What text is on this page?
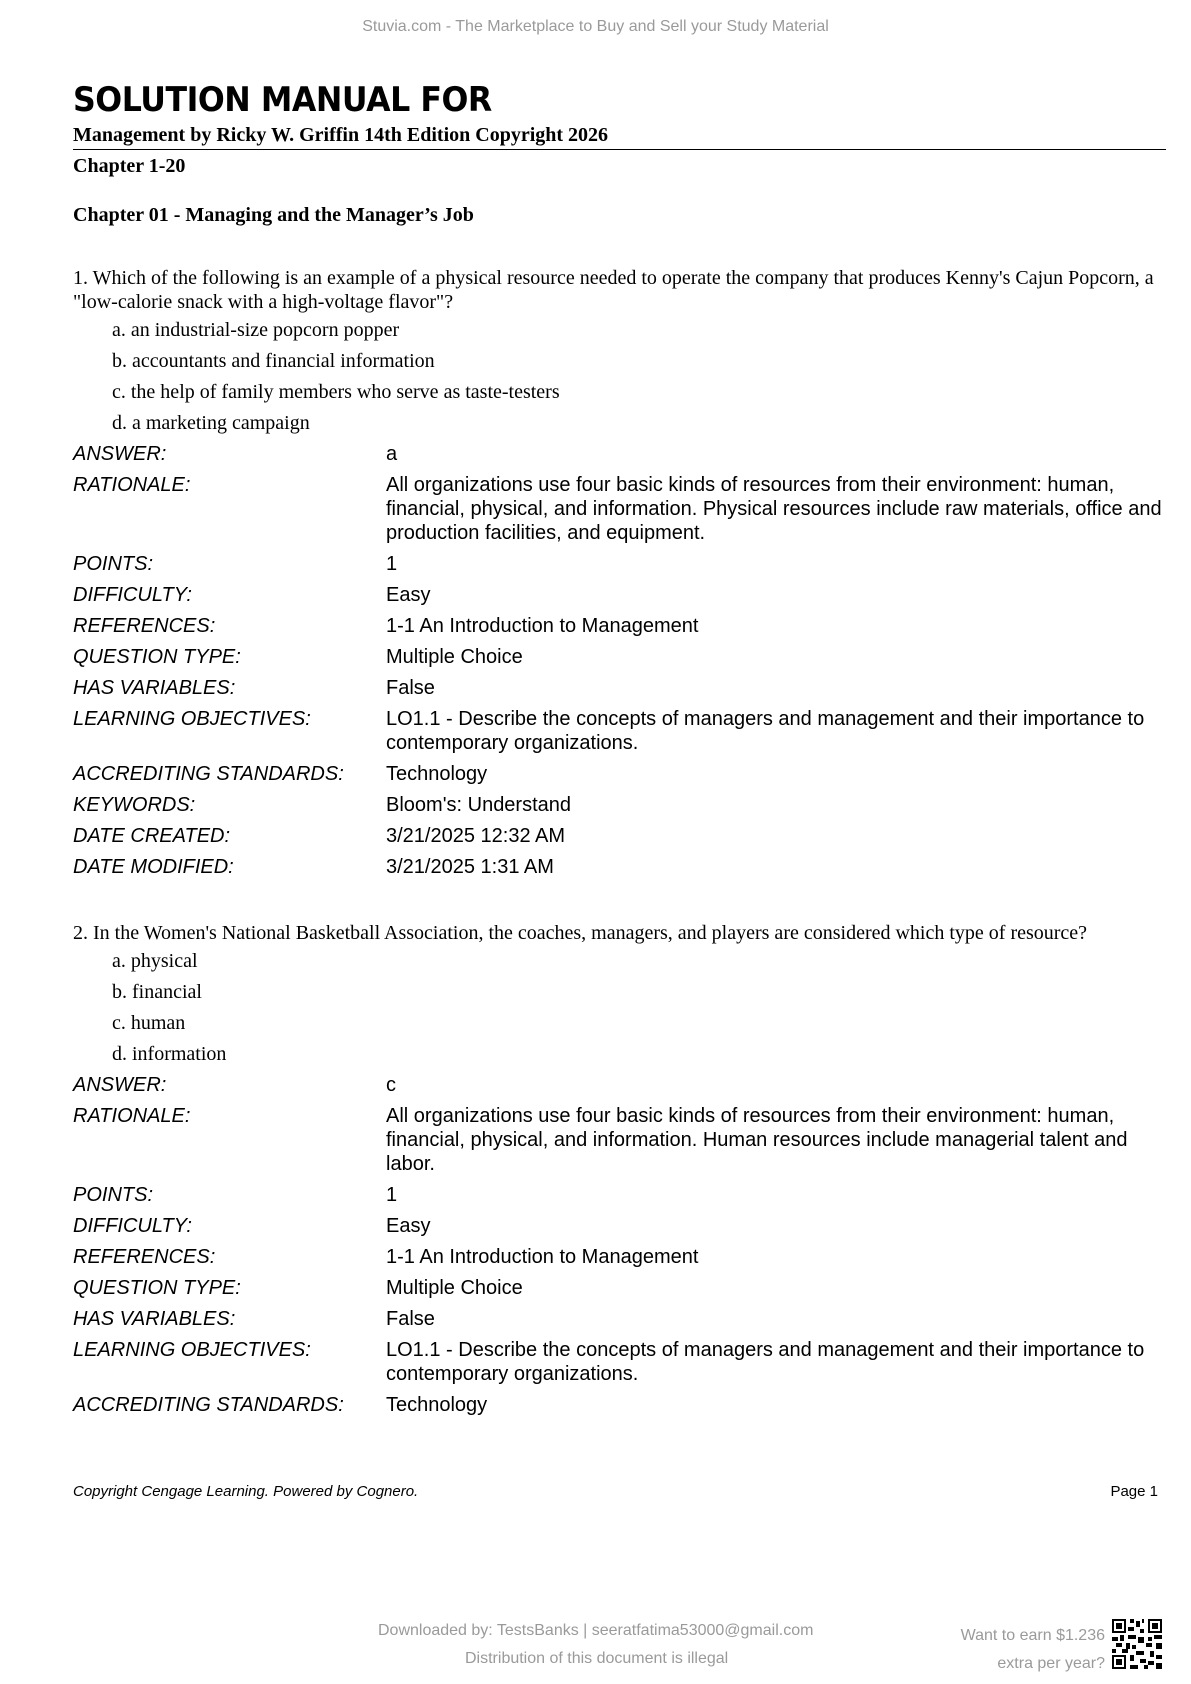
Stuvia.com - The Marketplace to Buy and Sell your Study Material
SOLUTION MANUAL FOR
Management by Ricky W. Griffin 14th Edition Copyright 2026
Chapter 1-20
Chapter 01 - Managing and the Manager’s Job

1. Which of the following is an example of a physical resource needed to operate the company that produces Kenny's Cajun Popcorn, a "low-calorie snack with a high-voltage flavor"?

a. an industrial-size popcorn popper
b. accountants and financial information
c. the help of family members who serve as taste-testers
d. a marketing campaign
ANSWER:	a
RATIONALE:	All organizations use four basic kinds of resources from their environment: human, financial, physical, and information. Physical resources include raw materials, office and production facilities, and equipment.
POINTS:	1
DIFFICULTY:	Easy
REFERENCES:	1-1 An Introduction to Management
QUESTION TYPE:	Multiple Choice
HAS VARIABLES:	False
LEARNING OBJECTIVES:	LO1.1 - Describe the concepts of managers and management and their importance to contemporary organizations.
ACCREDITING STANDARDS:	Technology
KEYWORDS:	Bloom's: Understand
DATE CREATED:	3/21/2025 12:32 AM
DATE MODIFIED:	3/21/2025 1:31 AM

2. In the Women's National Basketball Association, the coaches, managers, and players are considered which type of resource?

a. physical
b. financial
c. human
d. information
ANSWER:	c
RATIONALE:	All organizations use four basic kinds of resources from their environment: human, financial, physical, and information. Human resources include managerial talent and labor.
POINTS:	1
DIFFICULTY:	Easy
REFERENCES:	1-1 An Introduction to Management
QUESTION TYPE:	Multiple Choice
HAS VARIABLES:	False
LEARNING OBJECTIVES:	LO1.1 - Describe the concepts of managers and management and their importance to contemporary organizations.
ACCREDITING STANDARDS:	Technology
Copyright Cengage Learning. Powered by Cognero.	Page 1
Downloaded by: TestsBanks | seeratfatima53000@gmail.com
Distribution of this document is illegal
Want to earn $1.236
extra per year?
